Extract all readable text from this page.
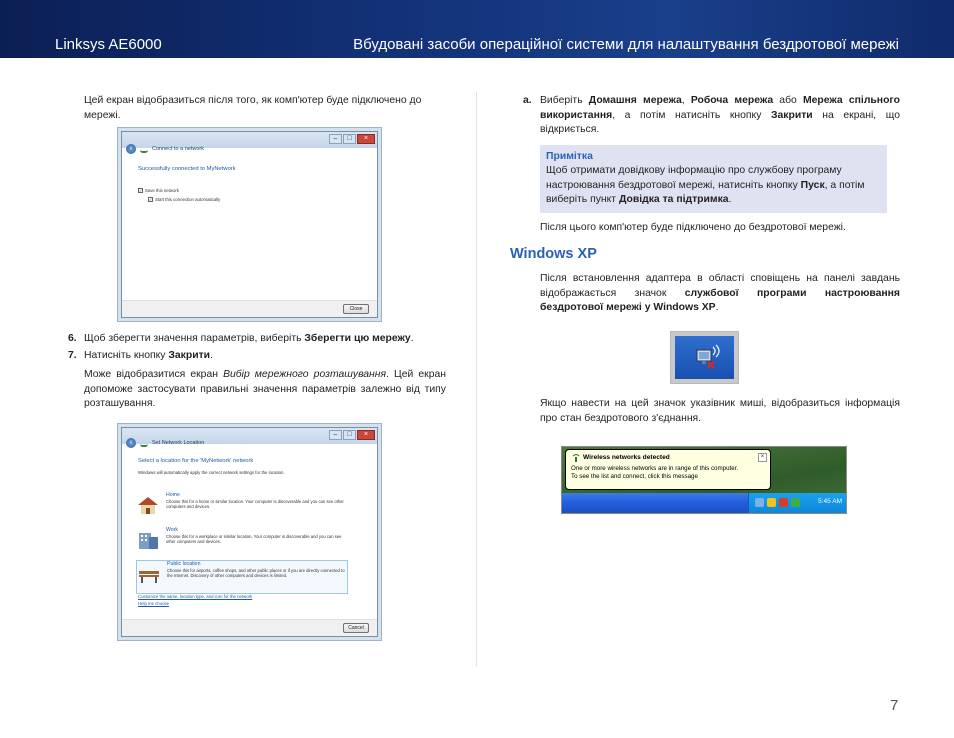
Linksys AE6000	Вбудовані засоби операційної системи для налаштування бездротової мережі

Цей екран відобразиться після того, як комп'ютер буде підключено до мережі.

–	□	×
‹	Connect to a network
Successfully connected to MyNetwork
✓ Save this network
✓ Start this connection automatically
Close
6. Щоб зберегти значення параметрів, виберіть Зберегти цю мережу.
7. Натисніть кнопку Закрити.

Може відобразитися екран Вибір мережного розташування. Цей екран допоможе застосувати правильні значення параметрів залежно від типу розташування.

–	□	×
‹	Set Network Location
Select a location for the 'MyNetwork' network
Windows will automatically apply the correct network settings for the location.
Home
Choose this for a home or similar location. Your computer is discoverable and you can see other computers and devices.
Work
Choose this for a workplace or similar location. Your computer is discoverable and you can see other computers and devices.
Public location
Choose this for airports, coffee shops, and other public places or if you are directly connected to the Internet. Discovery of other computers and devices is limited.
Customize the name, location type, and icon for the network
Help me choose
Cancel
a. Виберіть Домашня мережа, Робоча мережа або Мережа спільного використання, а потім натисніть кнопку Закрити на екрані, що відкриється.
Примітка

Щоб отримати довідкову інформацію про службову програму настроювання бездротової мережі, натисніть кнопку Пуск, а потім виберіть пункт Довідка та підтримка.

Після цього комп'ютер буде підключено до бездротової мережі.

Windows XP

Після встановлення адаптера в області сповіщень на панелі завдань відображається значок службової програми настроювання бездротової мережі у Windows XP.

Якщо навести на цей значок указівник миші, відобразиться інформація про стан бездротового з'єднання.

Wireless networks detected
One or more wireless networks are in range of this computer.
To see the list and connect, click this message
×
5:45 AM
7
